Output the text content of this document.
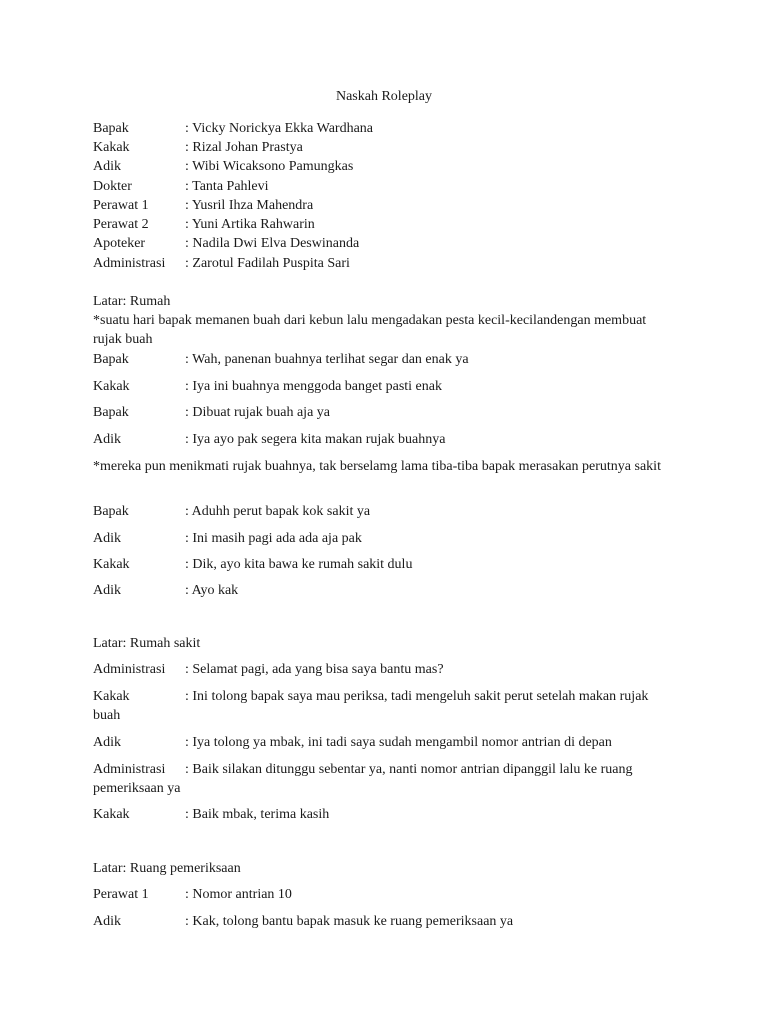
Naskah Roleplay
Bapak	: Vicky Norickya Ekka Wardhana
Kakak	: Rizal Johan Prastya
Adik	: Wibi Wicaksono Pamungkas
Dokter	: Tanta Pahlevi
Perawat 1	: Yusril Ihza Mahendra
Perawat 2	: Yuni Artika Rahwarin
Apoteker	: Nadila Dwi Elva Deswinanda
Administrasi : Zarotul Fadilah Puspita Sari
Latar: Rumah
*suatu hari bapak memanen buah dari kebun lalu mengadakan pesta kecil-kecilandengan membuat rujak buah
Bapak	: Wah, panenan buahnya terlihat segar dan enak ya
Kakak	: Iya ini buahnya menggoda banget pasti enak
Bapak	: Dibuat rujak buah aja ya
Adik	: Iya ayo pak segera kita makan rujak buahnya
*mereka pun menikmati rujak buahnya, tak berselamg lama tiba-tiba bapak merasakan perutnya sakit
Bapak	: Aduhh perut bapak kok sakit ya
Adik	: Ini masih pagi ada ada aja pak
Kakak	: Dik, ayo kita bawa ke rumah sakit dulu
Adik	: Ayo kak
Latar: Rumah sakit
Administrasi : Selamat pagi, ada yang bisa saya bantu mas?
Kakak	: Ini tolong bapak saya mau periksa, tadi mengeluh sakit perut setelah makan rujak buah
Adik	: Iya tolong ya mbak, ini tadi saya sudah mengambil nomor antrian di depan
Administrasi : Baik silakan ditunggu sebentar ya, nanti nomor antrian dipanggil lalu ke ruang pemeriksaan ya
Kakak	: Baik mbak, terima kasih
Latar: Ruang pemeriksaan
Perawat 1	: Nomor antrian 10
Adik	: Kak, tolong bantu bapak masuk ke ruang pemeriksaan ya
